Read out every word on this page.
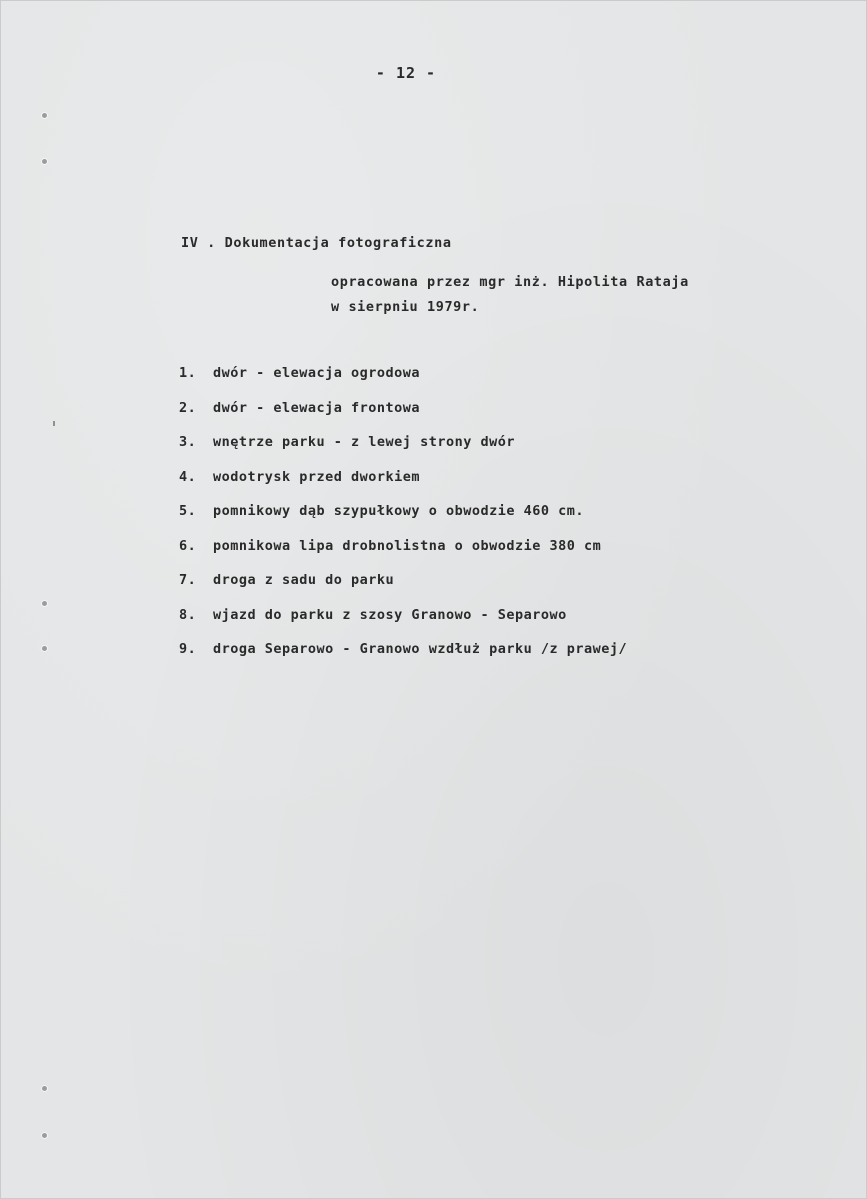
- 12 -
IV . Dokumentacja fotograficzna
opracowana przez mgr inż. Hipolita Rataja
w sierpniu 1979r.
1.	dwór - elewacja ogrodowa
2.	dwór - elewacja frontowa
3.	wnętrze parku - z lewej strony dwór
4.	wodotrysk przed dworkiem
5.	pomnikowy dąb szypułkowy o obwodzie 460 cm.
6.	pomnikowa lipa drobnolistna o obwodzie 380 cm
7.	droga z sadu do parku
8.	wjazd do parku z szosy Granowo - Separowo
9.	droga Separowo - Granowo wzdłuż parku /z prawej/
